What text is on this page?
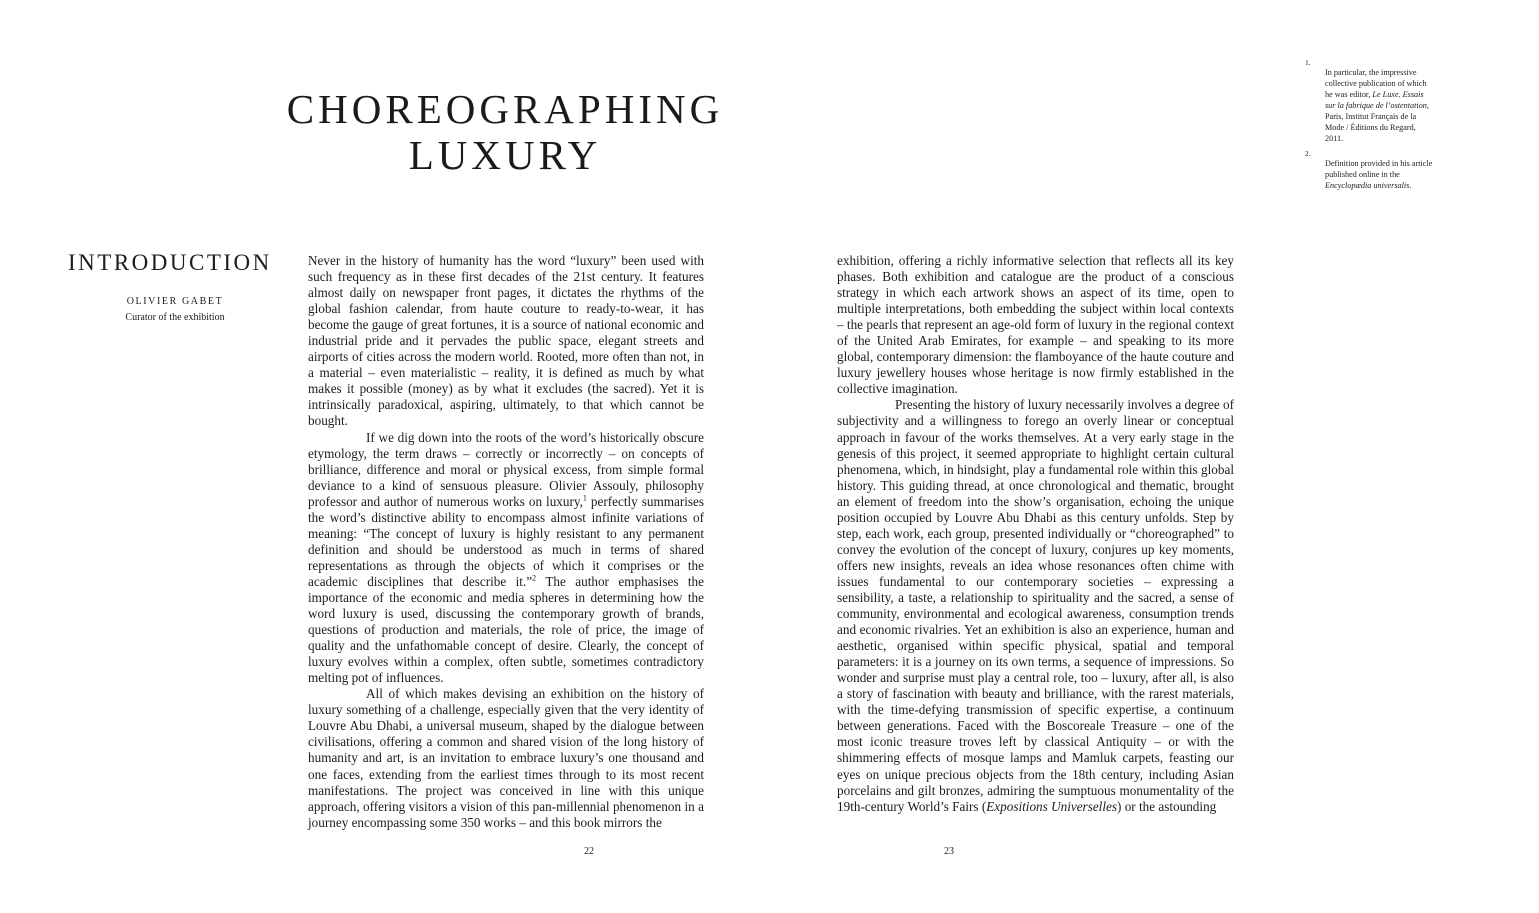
CHOREOGRAPHING
LUXURY
INTRODUCTION
OLIVIER GABET
Curator of the exhibition

Never in the history of humanity has the word “luxury” been used with such frequency as in these first decades of the 21st century. It features almost daily on newspaper front pages, it dictates the rhythms of the global fashion calendar, from haute couture to ready-to-wear, it has become the gauge of great fortunes, it is a source of national economic and industrial pride and it pervades the public space, elegant streets and airports of cities across the modern world. Rooted, more often than not, in a material – even materialistic – reality, it is defined as much by what makes it possible (money) as by what it excludes (the sacred). Yet it is intrinsically paradoxical, aspiring, ultimately, to that which cannot be bought.

If we dig down into the roots of the word’s historically obscure etymology, the term draws – correctly or incorrectly – on concepts of brilliance, difference and moral or physical excess, from simple formal deviance to a kind of sensuous pleasure. Olivier Assouly, philosophy professor and author of numerous works on luxury,$^1$ perfectly summarises the word’s distinctive ability to encompass almost infinite variations of meaning: “The concept of luxury is highly resistant to any permanent definition and should be understood as much in terms of shared representations as through the objects of which it comprises or the academic disciplines that describe it.”$^2$ The author emphasises the importance of the economic and media spheres in determining how the word luxury is used, discussing the contemporary growth of brands, questions of production and materials, the role of price, the image of quality and the unfathomable concept of desire. Clearly, the concept of luxury evolves within a complex, often subtle, sometimes contradictory melting pot of influences.

All of which makes devising an exhibition on the history of luxury something of a challenge, especially given that the very identity of Louvre Abu Dhabi, a universal museum, shaped by the dialogue between civilisations, offering a common and shared vision of the long history of humanity and art, is an invitation to embrace luxury’s one thousand and one faces, extending from the earliest times through to its most recent manifestations. The project was conceived in line with this unique approach, offering visitors a vision of this pan-millennial phenomenon in a journey encompassing some 350 works – and this book mirrors the

exhibition, offering a richly informative selection that reflects all its key phases. Both exhibition and catalogue are the product of a conscious strategy in which each artwork shows an aspect of its time, open to multiple interpretations, both embedding the subject within local contexts – the pearls that represent an age-old form of luxury in the regional context of the United Arab Emirates, for example – and speaking to its more global, contemporary dimension: the flamboyance of the haute couture and luxury jewellery houses whose heritage is now firmly established in the collective imagination.

Presenting the history of luxury necessarily involves a degree of subjectivity and a willingness to forego an overly linear or conceptual approach in favour of the works themselves. At a very early stage in the genesis of this project, it seemed appropriate to highlight certain cultural phenomena, which, in hindsight, play a fundamental role within this global history. This guiding thread, at once chronological and thematic, brought an element of freedom into the show’s organisation, echoing the unique position occupied by Louvre Abu Dhabi as this century unfolds. Step by step, each work, each group, presented individually or “choreographed” to convey the evolution of the concept of luxury, conjures up key moments, offers new insights, reveals an idea whose resonances often chime with issues fundamental to our contemporary societies – expressing a sensibility, a taste, a relationship to spirituality and the sacred, a sense of community, environmental and ecological awareness, consumption trends and economic rivalries. Yet an exhibition is also an experience, human and aesthetic, organised within specific physical, spatial and temporal parameters: it is a journey on its own terms, a sequence of impressions. So wonder and surprise must play a central role, too – luxury, after all, is also a story of fascination with beauty and brilliance, with the rarest materials, with the time-defying transmission of specific expertise, a continuum between generations. Faced with the Boscoreale Treasure – one of the most iconic treasure troves left by classical Antiquity – or with the shimmering effects of mosque lamps and Mamluk carpets, feasting our eyes on unique precious objects from the 18th century, including Asian porcelains and gilt bronzes, admiring the sumptuous monumentality of the 19th-century World’s Fairs (Expositions Universelles) or the astounding

22	23
1.
In particular, the impressive collective publication of which he was editor, Le Luxe. Essais sur la fabrique de l’ostentation, Paris, Institut Français de la Mode / Éditions du Regard, 2011.
2.
Definition provided in his article published online in the Encyclopædia universalis.
